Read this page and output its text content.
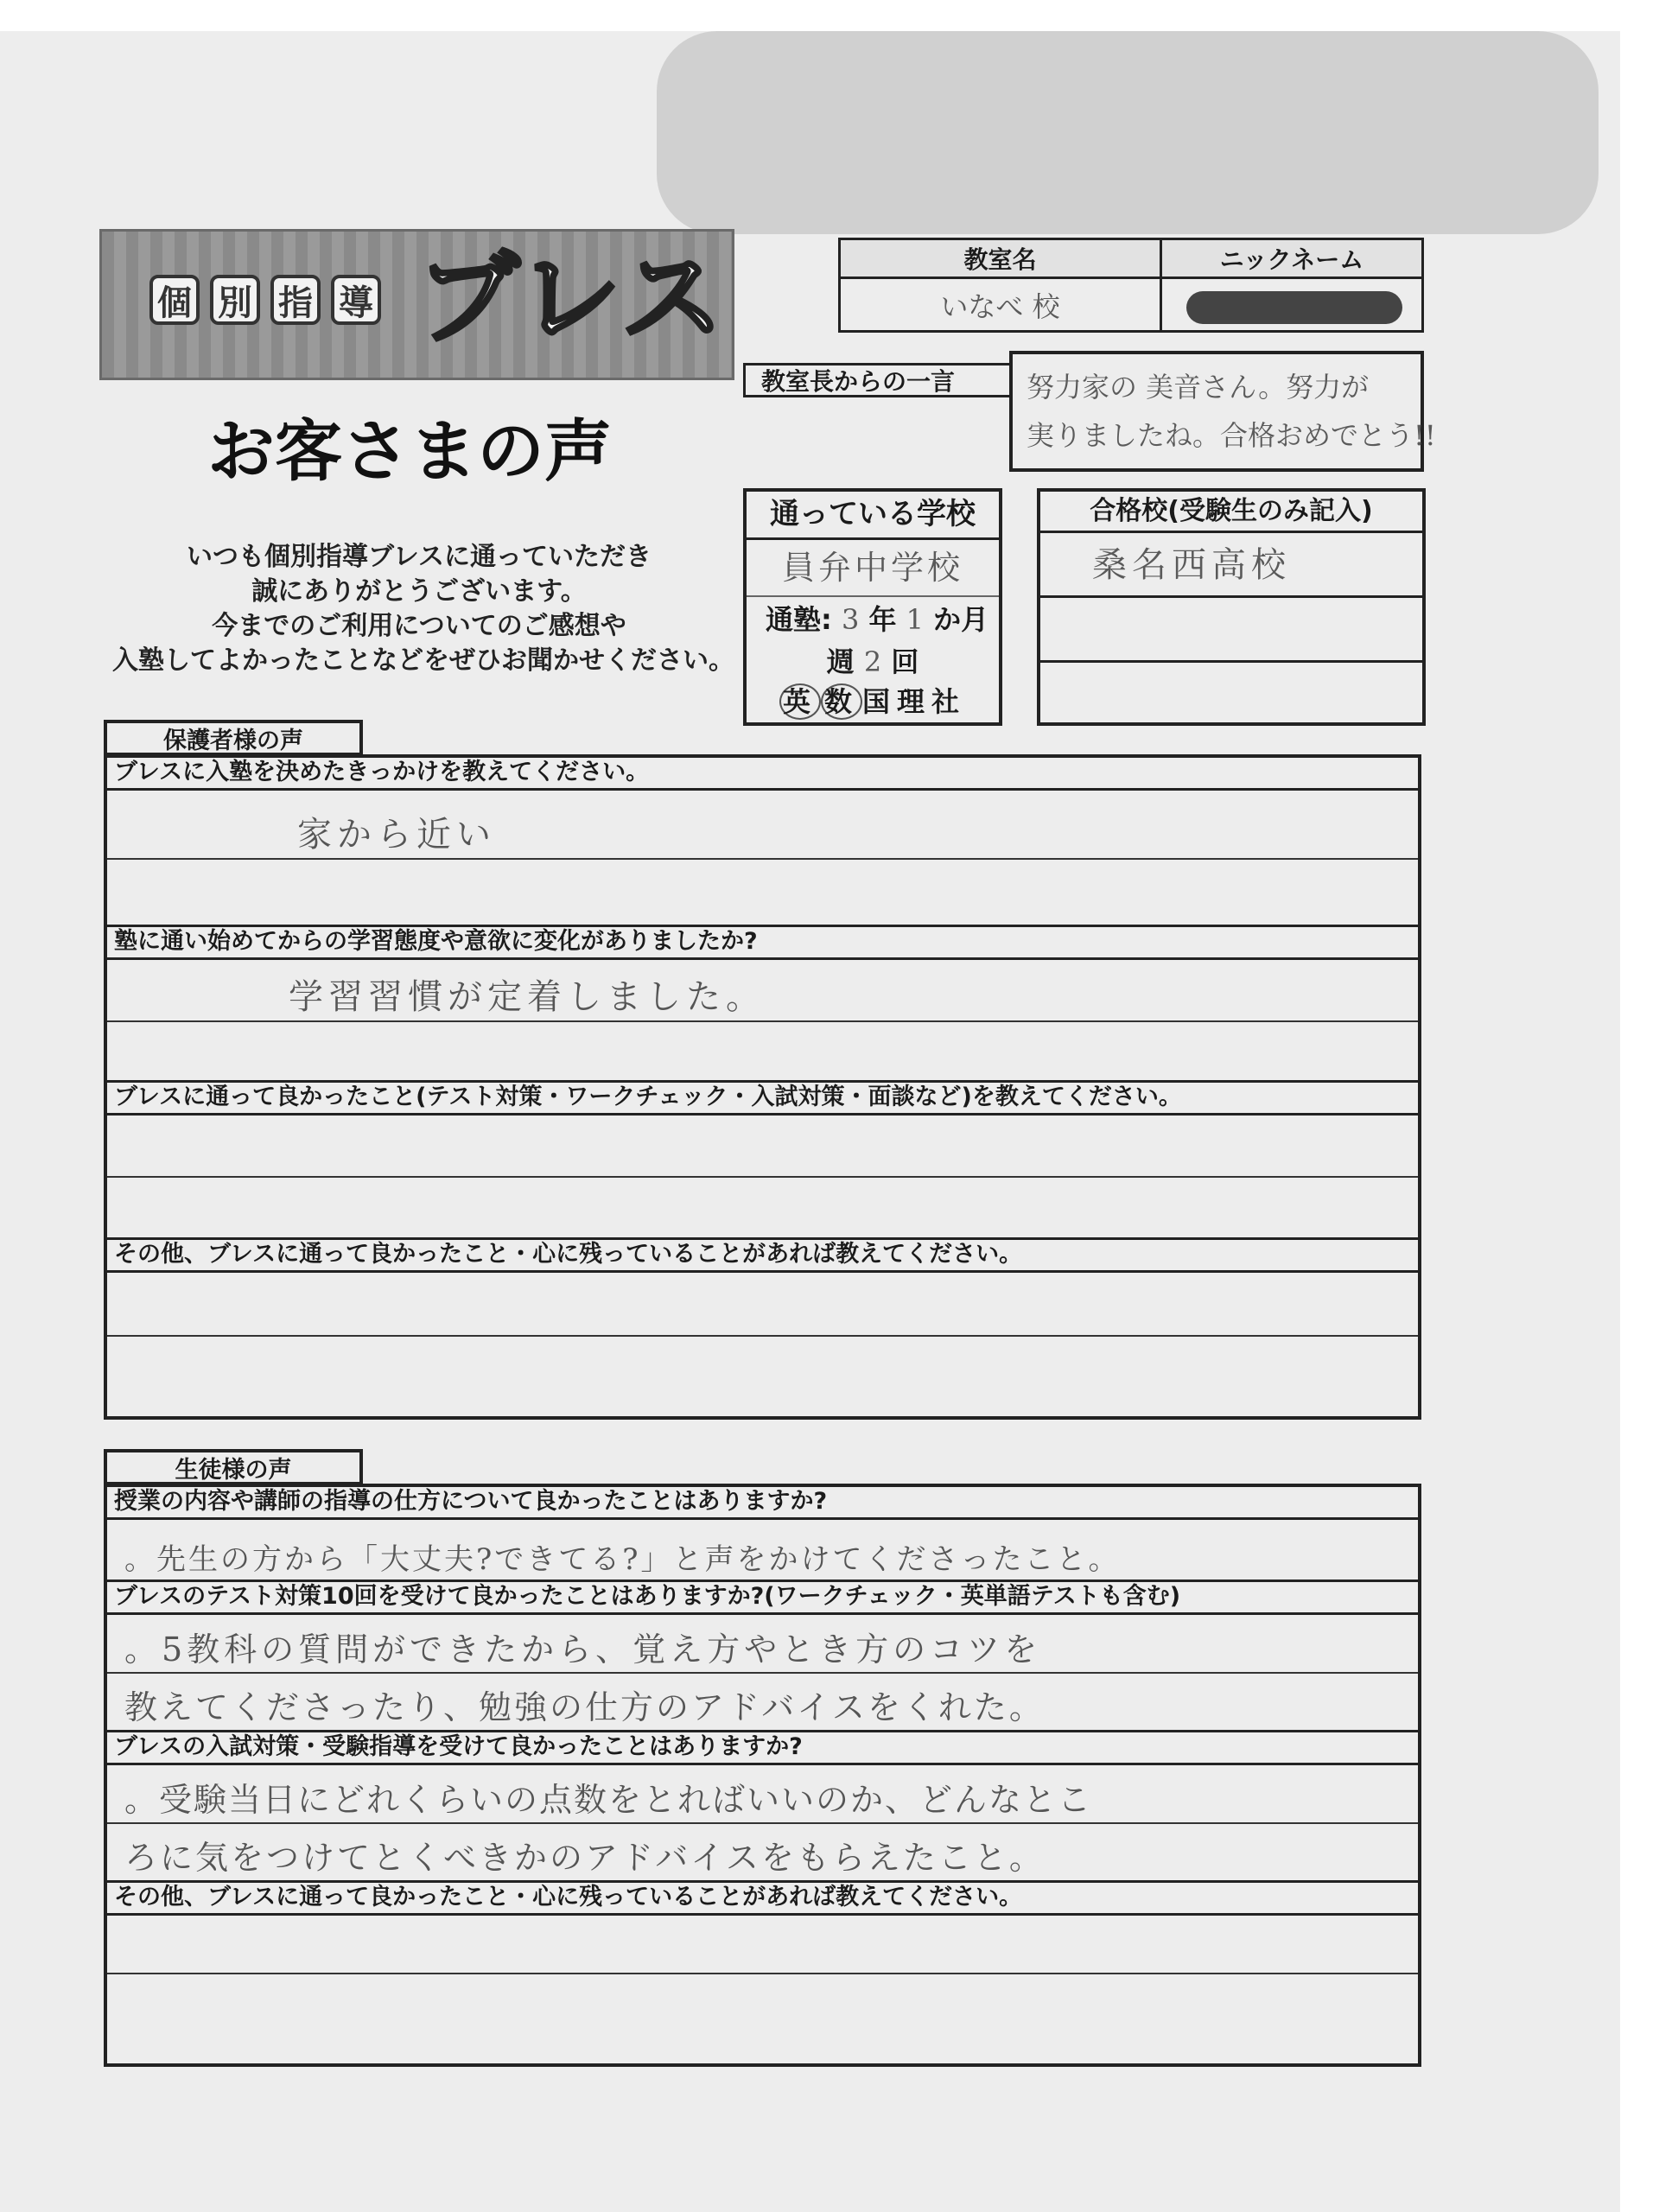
個 別 指 導 ブレス
お客さまの声
いつも個別指導ブレスに通っていただき
誠にありがとうございます。
今までのご利用についてのご感想や
入塾してよかったことなどをぜひお聞かせください。
教室名	ニックネーム
いなべ 校	
教室長からの一言	努力家の 美音さん。努力が
実りましたね。合格おめでとう!!
通っている学校
員弁中学校
通塾: 3 年 1 か月
週 2 回
英 数 国理社
合格校(受験生のみ記入)
桑名西高校
保護者様の声
ブレスに入塾を決めたきっかけを教えてください。
家から近い
塾に通い始めてからの学習態度や意欲に変化がありましたか?
学習習慣が定着しました。
ブレスに通って良かったこと(テスト対策・ワークチェック・入試対策・面談など)を教えてください。
その他、ブレスに通って良かったこと・心に残っていることがあれば教えてください。
生徒様の声
授業の内容や講師の指導の仕方について良かったことはありますか?
。先生の方から「大丈夫?できてる?」と声をかけてくださったこと。
ブレスのテスト対策10回を受けて良かったことはありますか?(ワークチェック・英単語テストも含む)
。5教科の質問ができたから、覚え方やとき方のコツを
教えてくださったり、勉強の仕方のアドバイスをくれた。
ブレスの入試対策・受験指導を受けて良かったことはありますか?
。受験当日にどれくらいの点数をとればいいのか、どんなとこ
ろに気をつけてとくべきかのアドバイスをもらえたこと。
その他、ブレスに通って良かったこと・心に残っていることがあれば教えてください。
